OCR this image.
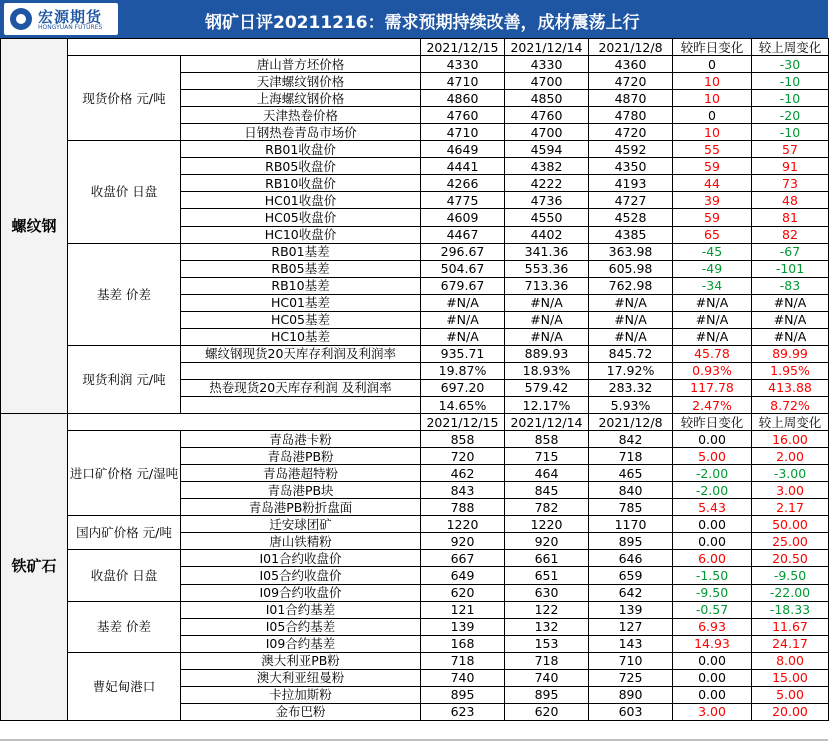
宏源期货
HONGYUAN FUTURES	钢矿日评20211216：需求预期持续改善，成材震荡上行
螺纹钢			2021/12/15	2021/12/14	2021/12/8	较昨日变化	较上周变化
	现货价格 元/吨	唐山普方坯价格	4330	4330	4360	0	-30
		天津螺纹钢价格	4710	4700	4720	10	-10
		上海螺纹钢价格	4860	4850	4870	10	-10
		天津热卷价格	4760	4760	4780	0	-20
		日钢热卷青岛市场价	4710	4700	4720	10	-10
	收盘价 日盘	RB01收盘价	4649	4594	4592	55	57
		RB05收盘价	4441	4382	4350	59	91
		RB10收盘价	4266	4222	4193	44	73
		HC01收盘价	4775	4736	4727	39	48
		HC05收盘价	4609	4550	4528	59	81
		HC10收盘价	4467	4402	4385	65	82
	基差 价差	RB01基差	296.67	341.36	363.98	-45	-67
		RB05基差	504.67	553.36	605.98	-49	-101
		RB10基差	679.67	713.36	762.98	-34	-83
		HC01基差	#N/A	#N/A	#N/A	#N/A	#N/A
		HC05基差	#N/A	#N/A	#N/A	#N/A	#N/A
		HC10基差	#N/A	#N/A	#N/A	#N/A	#N/A
	现货利润 元/吨	螺纹钢现货20天库存利润及利润率	935.71	889.93	845.72	45.78	89.99
			19.87%	18.93%	17.92%	0.93%	1.95%
		热卷现货20天库存利润 及利润率	697.20	579.42	283.32	117.78	413.88
			14.65%	12.17%	5.93%	2.47%	8.72%
铁矿石			2021/12/15	2021/12/14	2021/12/8	较昨日变化	较上周变化
	进口矿价格 元/湿吨	青岛港卡粉	858	858	842	0.00	16.00
		青岛港PB粉	720	715	718	5.00	2.00
		青岛港超特粉	462	464	465	-2.00	-3.00
		青岛港PB块	843	845	840	-2.00	3.00
		青岛港PB粉折盘面	788	782	785	5.43	2.17
	国内矿价格 元/吨	迁安球团矿	1220	1220	1170	0.00	50.00
		唐山铁精粉	920	920	895	0.00	25.00
	收盘价 日盘	I01合约收盘价	667	661	646	6.00	20.50
		I05合约收盘价	649	651	659	-1.50	-9.50
		I09合约收盘价	620	630	642	-9.50	-22.00
	基差 价差	I01合约基差	121	122	139	-0.57	-18.33
		I05合约基差	139	132	127	6.93	11.67
		I09合约基差	168	153	143	14.93	24.17
	曹妃甸港口	澳大利亚PB粉	718	718	710	0.00	8.00
		澳大利亚纽曼粉	740	740	725	0.00	15.00
		卡拉加斯粉	895	895	890	0.00	5.00
		金布巴粉	623	620	603	3.00	20.00
